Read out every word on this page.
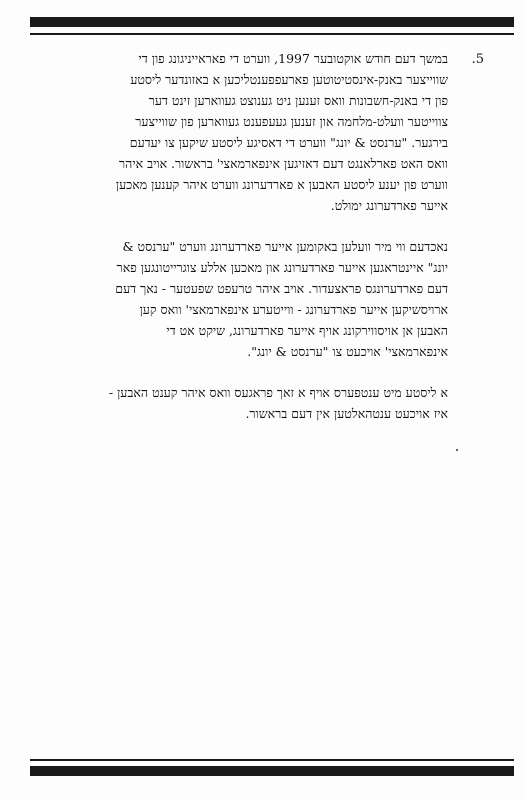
.5

במשך דעם חודש אוקטובער 1997, ווערט די פאראייניגונג פון די
שווייצער באנק-אינסטיטוטען פארעפפענטליכען א באזונדער ליסטע
פון די באנק-חשבונות וואס זענען ניט גענוצט געווארען זינט דער
צווייטער וועלט-מלחמה און זענען געעפענט געווארען פון שווייצער
בירגער. "ערנסט & יונג" ווערט די דאסיגע ליסטע שיקען צו יעדעם
וואס האט פארלאנגט דעם דאזיגען אינפארמאצי' בראשור. אויב איהר
ווערט פון יענע ליסטע האבען א פארדערונג ווערט איהר קענען מאכען
אייער פארדערונג ימולט.

נאכדעם ווי מיר וועלען באקומען אייער פארדערונג ווערט "ערנסט &
יונג" איינטראגען אייער פארדערונג און מאכען אללע צוגרייטונגען פאר
דעם פארדערונגס פראצעדור. אויב איהר טרעפט שפעטער - נאך דעם
ארויסשיקען אייער פארדערונג - ווייטערע אינפארמאצי' וואס קען
האבען אן אויסווירקונג אויף אייער פארדערונג, שיקט אט די
אינפארמאצי' אויכעט צו "ערנסט & יונג".

א ליסטע מיט ענטפערס אויף א זאך פראגעס וואס איהר קענט האבען -
איז אויכעט ענטהאלטען אין דעם בראשור.
